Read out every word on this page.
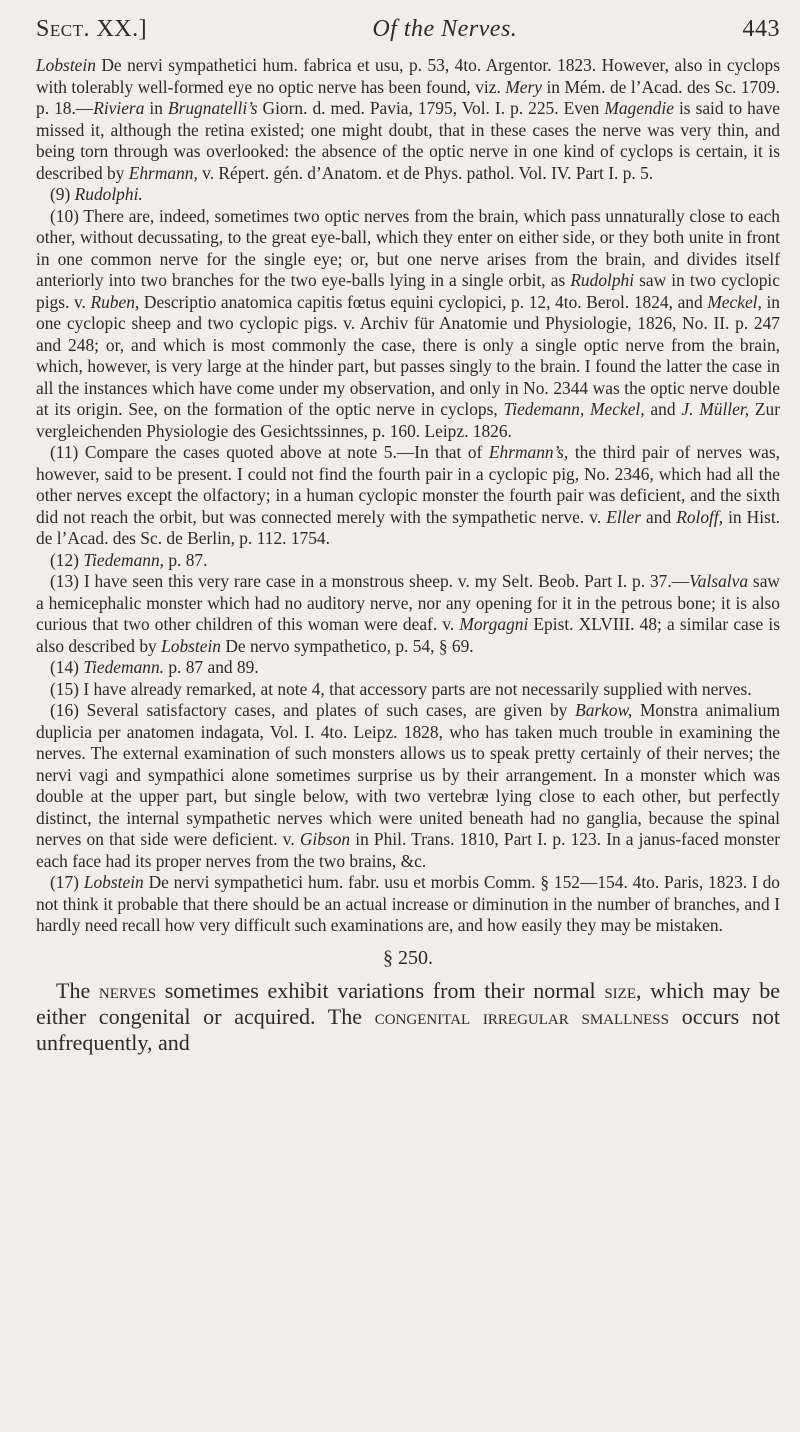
Sect. XX.]	Of the Nerves.	443

Lobstein De nervi sympathetici hum. fabrica et usu, p. 53, 4to. Argentor. 1823. However, also in cyclops with tolerably well-formed eye no optic nerve has been found, viz. Mery in Mém. de l’Acad. des Sc. 1709. p. 18.—Riviera in Brugnatelli’s Giorn. d. med. Pavia, 1795, Vol. I. p. 225. Even Magendie is said to have missed it, although the retina existed; one might doubt, that in these cases the nerve was very thin, and being torn through was overlooked: the absence of the optic nerve in one kind of cyclops is certain, it is described by Ehrmann, v. Répert. gén. d’Anatom. et de Phys. pathol. Vol. IV. Part I. p. 5.

(9) Rudolphi.

(10) There are, indeed, sometimes two optic nerves from the brain, which pass unnaturally close to each other, without decussating, to the great eye-ball, which they enter on either side, or they both unite in front in one common nerve for the single eye; or, but one nerve arises from the brain, and divides itself anteriorly into two branches for the two eye-balls lying in a single orbit, as Rudolphi saw in two cyclopic pigs. v. Ruben, Descriptio anatomica capitis fœtus equini cyclopici, p. 12, 4to. Berol. 1824, and Meckel, in one cyclopic sheep and two cyclopic pigs. v. Archiv für Anatomie und Physiologie, 1826, No. II. p. 247 and 248; or, and which is most commonly the case, there is only a single optic nerve from the brain, which, however, is very large at the hinder part, but passes singly to the brain. I found the latter the case in all the instances which have come under my observation, and only in No. 2344 was the optic nerve double at its origin. See, on the formation of the optic nerve in cyclops, Tiedemann, Meckel, and J. Müller, Zur vergleichenden Physiologie des Gesichtssinnes, p. 160. Leipz. 1826.

(11) Compare the cases quoted above at note 5.—In that of Ehrmann’s, the third pair of nerves was, however, said to be present. I could not find the fourth pair in a cyclopic pig, No. 2346, which had all the other nerves except the olfactory; in a human cyclopic monster the fourth pair was deficient, and the sixth did not reach the orbit, but was connected merely with the sympathetic nerve. v. Eller and Roloff, in Hist. de l’Acad. des Sc. de Berlin, p. 112. 1754.

(12) Tiedemann, p. 87.

(13) I have seen this very rare case in a monstrous sheep. v. my Selt. Beob. Part I. p. 37.—Valsalva saw a hemicephalic monster which had no auditory nerve, nor any opening for it in the petrous bone; it is also curious that two other children of this woman were deaf. v. Morgagni Epist. XLVIII. 48; a similar case is also described by Lobstein De nervo sympathetico, p. 54, § 69.

(14) Tiedemann. p. 87 and 89.

(15) I have already remarked, at note 4, that accessory parts are not necessarily supplied with nerves.

(16) Several satisfactory cases, and plates of such cases, are given by Barkow, Monstra animalium duplicia per anatomen indagata, Vol. I. 4to. Leipz. 1828, who has taken much trouble in examining the nerves. The external examination of such monsters allows us to speak pretty certainly of their nerves; the nervi vagi and sympathici alone sometimes surprise us by their arrangement. In a monster which was double at the upper part, but single below, with two vertebræ lying close to each other, but perfectly distinct, the internal sympathetic nerves which were united beneath had no ganglia, because the spinal nerves on that side were deficient. v. Gibson in Phil. Trans. 1810, Part I. p. 123. In a janus-faced monster each face had its proper nerves from the two brains, &c.

(17) Lobstein De nervi sympathetici hum. fabr. usu et morbis Comm. § 152—154. 4to. Paris, 1823. I do not think it probable that there should be an actual increase or diminution in the number of branches, and I hardly need recall how very difficult such examinations are, and how easily they may be mistaken.

§ 250.

The nerves sometimes exhibit variations from their normal size, which may be either congenital or acquired. The congenital irregular smallness occurs not unfrequently, and
